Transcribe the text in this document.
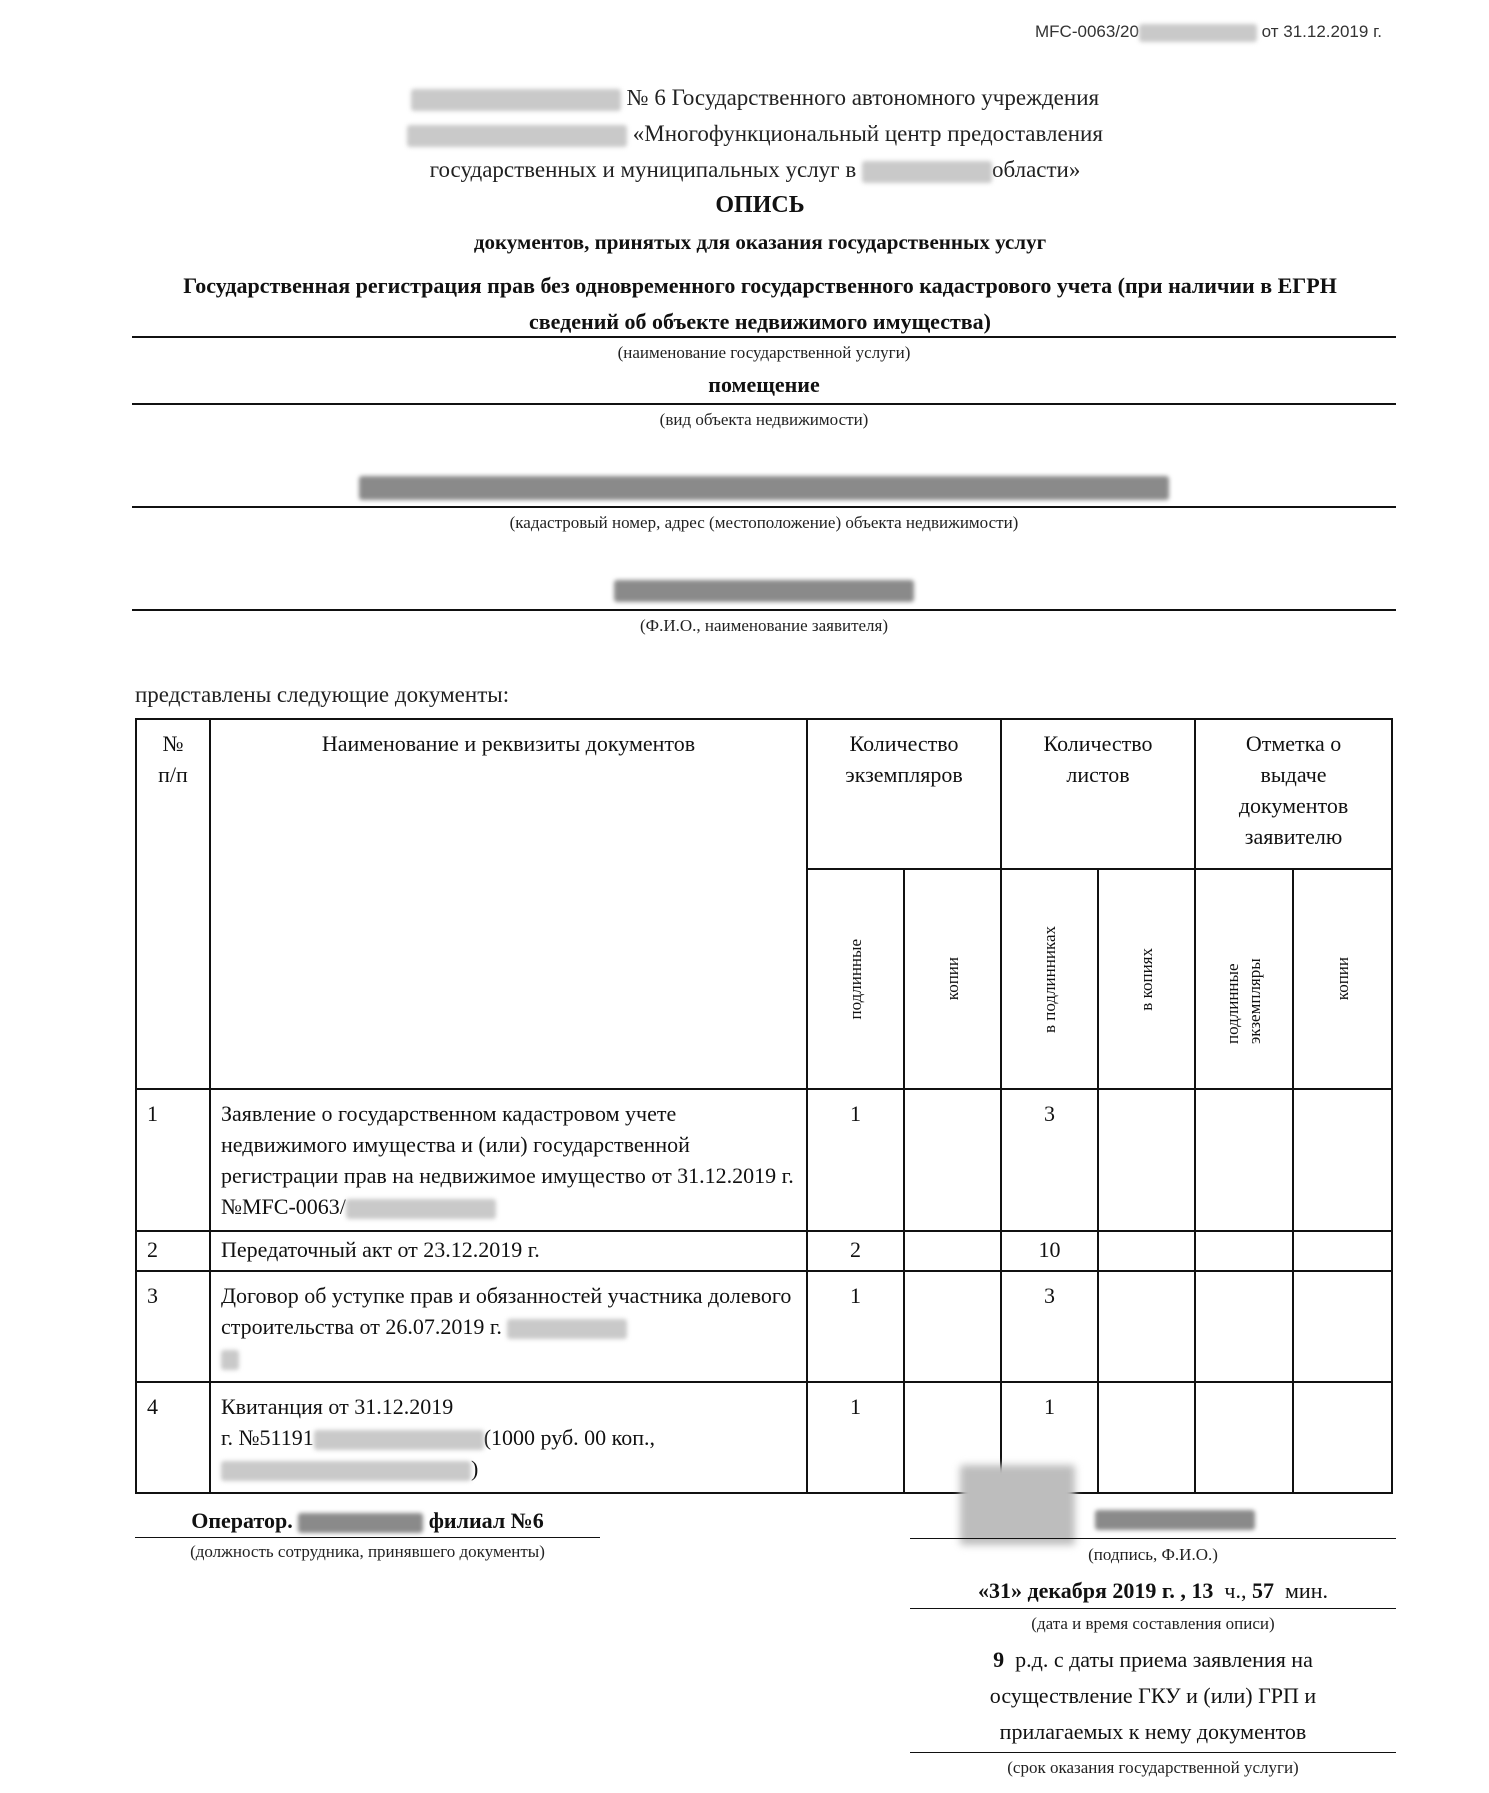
MFC-0063/20	от 31.12.2019 г.
№ 6 Государственного автономного учреждения
«Многофункциональный центр предоставления
государственных и муниципальных услуг в	области»
ОПИСЬ
документов, принятых для оказания государственных услуг
Государственная регистрация прав без одновременного государственного кадастрового учета (при наличии в ЕГРН
сведений об объекте недвижимого имущества)
(наименование государственной услуги)
помещение
(вид объекта недвижимости)
(кадастровый номер, адрес (местоположение) объекта недвижимости)
(Ф.И.О., наименование заявителя)
представлены следующие документы:
№ п/п	Наименование и реквизиты документов	Количество экземпляров		Количество листов		Отметка о выдаче документов заявителю	

		подлинные	копии	в подлинниках	в копиях	подлинные экземпляры	копии

1	Заявление о государственном кадастровом учете недвижимого имущества и (или) государственной регистрации прав на недвижимое имущество от 31.12.2019 г. №MFC-0063/	1		3			
2	Передаточный акт от 23.12.2019 г.	2		10			
3	Договор об уступке прав и обязанностей участника долевого строительства от 26.07.2019 г.	1		3			
4	Квитанция от 31.12.2019
г. №51191 (1000 руб. 00 коп.,
)	1		1			
Оператор.	филиал №6
(должность сотрудника, принявшего документы)	(подпись, Ф.И.О.)
«31» декабря 2019 г. , 13 ч., 57 мин.
(дата и время составления описи)
9 р.д. с даты приема заявления на
осуществление ГКУ и (или) ГРП и
прилагаемых к нему документов
(срок оказания государственной услуги)
